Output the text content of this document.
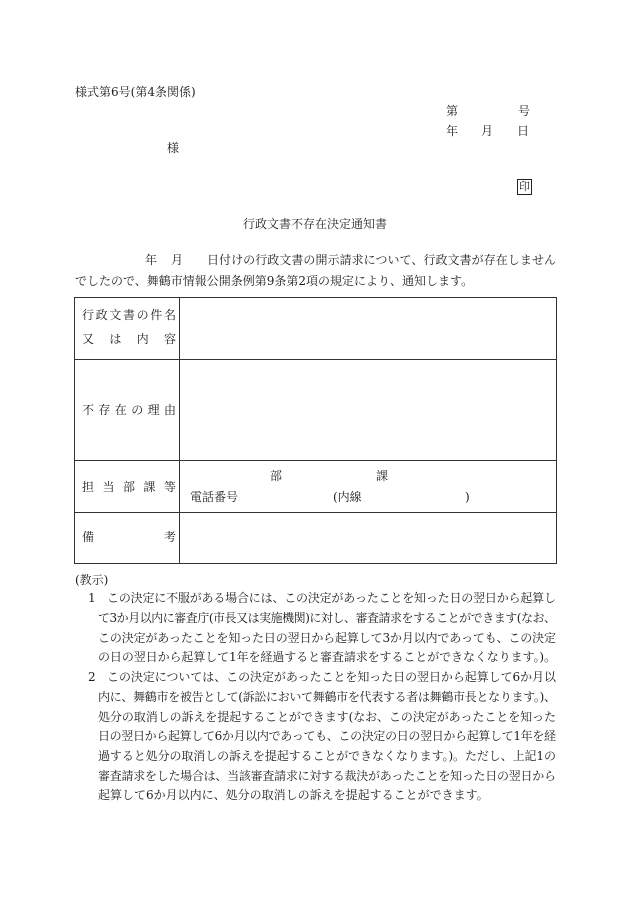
様式第6号(第4条関係)
第	号
年 月 日
様
印
行政文書不存在決定通知書
年 月 日付けの行政文書の開示請求について、行政文書が存在しません
でしたので、舞鶴市情報公開条例第9条第2項の規定により、通知します。
行政文書の件名
又は内容
不存在の理由
担当部課等
部	課
電話番号	(内線	)
備考
(教示)
1 この決定に不服がある場合には、この決定があったことを知った日の翌日から起算し
て3か月以内に審査庁(市長又は実施機関)に対し、審査請求をすることができます(なお、
この決定があったことを知った日の翌日から起算して3か月以内であっても、この決定
の日の翌日から起算して1年を経過すると審査請求をすることができなくなります。)。
2 この決定については、この決定があったことを知った日の翌日から起算して6か月以
内に、舞鶴市を被告として(訴訟において舞鶴市を代表する者は舞鶴市長となります。)、
処分の取消しの訴えを提起することができます(なお、この決定があったことを知った
日の翌日から起算して6か月以内であっても、この決定の日の翌日から起算して1年を経
過すると処分の取消しの訴えを提起することができなくなります。)。ただし、上記1の
審査請求をした場合は、当該審査請求に対する裁決があったことを知った日の翌日から
起算して6か月以内に、処分の取消しの訴えを提起することができます。
